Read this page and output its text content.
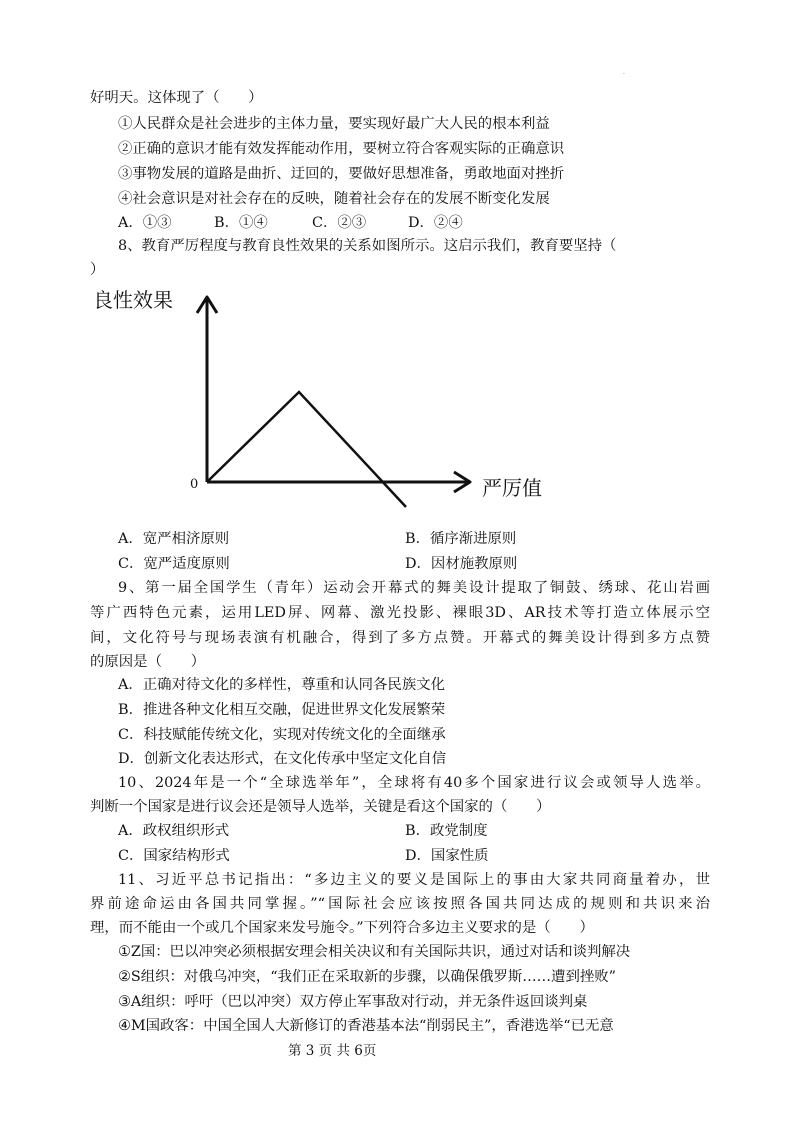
·
好明天。这体现了（　　）
①人民群众是社会进步的主体力量，要实现好最广大人民的根本利益
②正确的意识才能有效发挥能动作用，要树立符合客观实际的正确意识
③事物发展的道路是曲折、迂回的，要做好思想准备，勇敢地面对挫折
④社会意识是对社会存在的反映，随着社会存在的发展不断变化发展
A．①③	B．①④	C．②③	D．②④
8、教育严厉程度与教育良性效果的关系如图所示。这启示我们，教育要坚持（
）
良性效果
严厉值
0
A．宽严相济原则	B．循序渐进原则
C．宽严适度原则	D．因材施教原则
9、第一届全国学生（青年）运动会开幕式的舞美设计提取了铜鼓、绣球、花山岩画
等广西特色元素，运用LED屏、网幕、激光投影、裸眼3D、AR技术等打造立体展示空
间，文化符号与现场表演有机融合，得到了多方点赞。开幕式的舞美设计得到多方点赞
的原因是（　　）
A．正确对待文化的多样性，尊重和认同各民族文化
B．推进各种文化相互交融，促进世界文化发展繁荣
C．科技赋能传统文化，实现对传统文化的全面继承
D．创新文化表达形式，在文化传承中坚定文化自信
10、2024年是一个“全球选举年”，全球将有40多个国家进行议会或领导人选举。
判断一个国家是进行议会还是领导人选举，关键是看这个国家的（　　）
A．政权组织形式	B．政党制度
C．国家结构形式	D．国家性质
11、习近平总书记指出：“多边主义的要义是国际上的事由大家共同商量着办，世
界前途命运由各国共同掌握。”“国际社会应该按照各国共同达成的规则和共识来治
理，而不能由一个或几个国家来发号施令。”下列符合多边主义要求的是（　　）
①Z国：巴以冲突必须根据安理会相关决议和有关国际共识，通过对话和谈判解决
②S组织：对俄乌冲突，“我们正在采取新的步骤，以确保俄罗斯……遭到挫败”
③A组织：呼吁（巴以冲突）双方停止军事敌对行动，并无条件返回谈判桌
④M国政客：中国全国人大新修订的香港基本法“削弱民主”，香港选举“已无意
第 3 页 共 6页
